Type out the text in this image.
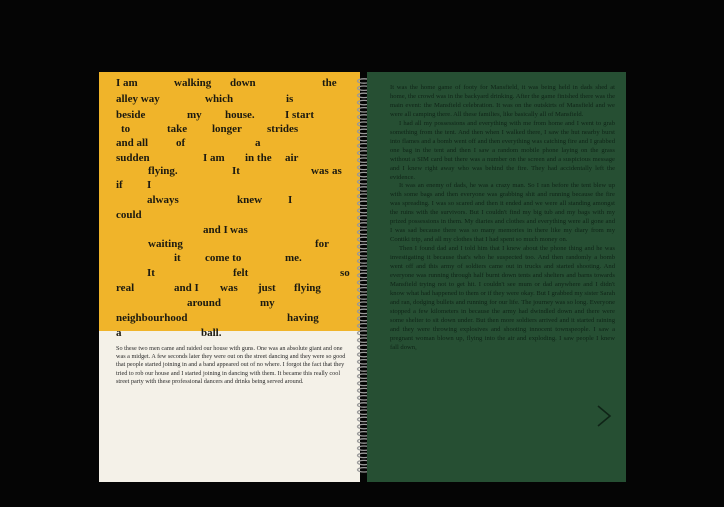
I am	walking down	the
alley way	which	is
beside	my house.	I start
to	take longer strides
and all	of	a
sudden	I am in the air
flying.	It	was as
if I
always	knew I
could
and I was
waiting	for
it come to	me.
It	felt	so
real	and I was just flying
around	my
neighbourhood	having
a	ball.
So these two men came and raided our house with guns. One was an absolute giant and one was a midget. A few seconds later they were out on the street dancing and they were so good that people started joining in and a band appeared out of no where. I forgot the fact that they tried to rob our house and I started joining in dancing with them. It became this really cool street party with these professional dancers and drinks being served around.

It was the home game of footy for Mansfield, it was being held in dads shed at home, the crowd was in the backyard drinking. After the game finished there was the main event: the Mansfield celebration. It was on the outskirts of Mansfield and we were all camping there. All these families, like basically all of Mansfield.

I had all my possessions and everything with me from home and I went to grab something from the tent. And then when I walked there, I saw the hut nearby burst into flames and a bomb went off and then everything was catching fire and I grabbed one bag in the tent and then I saw a random mobile phone laying on the grass without a SIM card but there was a number on the screen and a suspicious message and I knew right away who was behind the fire. They had accidentally left the evidence.

It was an enemy of dads, he was a crazy man. So I ran before the tent blew up with some bags and then everyone was grabbing shit and running because the fire was spreading. I was so scared and then it ended and we were all standing amongst the ruins with the survivors. But I couldn't find my big tub and my bags with my prized possessions in them. My diaries and clothes and everything were all gone and I was sad because there was so many memories in there like my diary from my Contiki trip, and all my clothes that I had spent so much money on.

Then I found dad and I told him that I knew about the phone thing and he was investigating it because that's who he suspected too. And then randomly a bomb went off and this army of soldiers came out in trucks and started shooting. And everyone was running through half burnt down tents and shelters and barns towards Mansfield trying not to get hit. I couldn't see mum or dad anywhere and I didn't know what had happened to them or if they were okay. But I grabbed my sister Sarah and ran, dodging bullets and running for our life. The journey was so long. Everyone stopped a few kilometers in because the army had dwindled down and there were some shelter to sit down under. But then more soldiers arrived and it started raining and they were throwing explosives and shooting innocent townspeople. I saw a pregnant woman blown up, flying into the air and exploding. I saw people I knew fall down,
